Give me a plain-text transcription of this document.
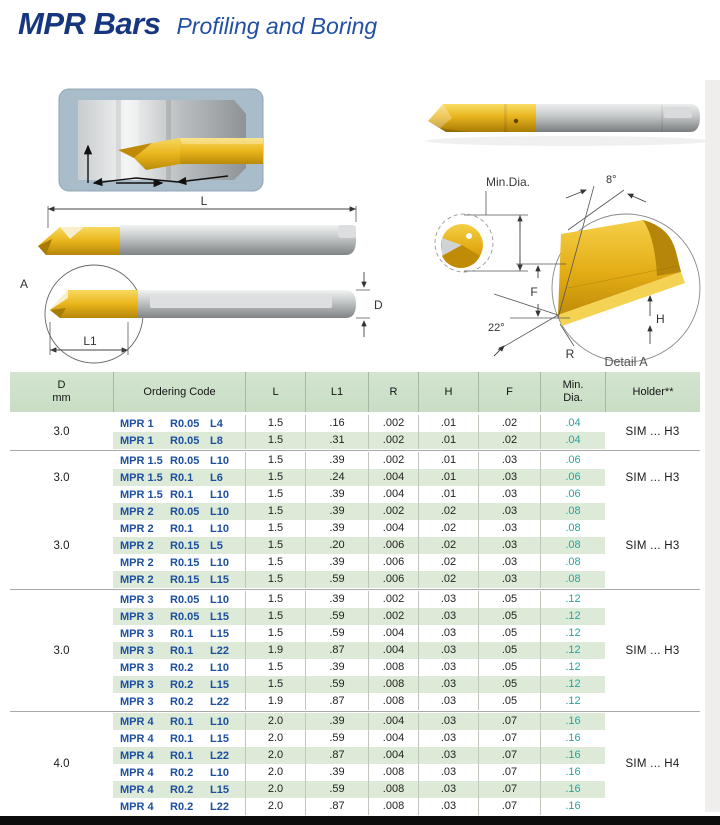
MPR Bars Profiling and Boring
L
A
L1
D
Min.Dia.	8°
F
H
22°
R
Detail A
D
mm
Ordering Code	L	L1	R	H	F
Min.
Dia.
Holder**
3.0
MPR 1	R0.05 L4	1.5	.16	.002	.01	.02	.04
MPR 1	R0.05 L8	1.5	.31	.002	.01	.02	.04
SIM ... H3
3.0
MPR 1.5 R0.05 L10	1.5	.39	.002	.01	.03	.06
MPR 1.5 R0.1	L6	1.5	.24	.004	.01	.03	.06
MPR 1.5 R0.1	L10	1.5	.39	.004	.01	.03	.06
SIM ... H3
3.0
MPR 2	R0.05 L10	1.5	.39	.002	.02	.03	.08
MPR 2	R0.1	L10	1.5	.39	.004	.02	.03	.08
MPR 2	R0.15 L5	1.5	.20	.006	.02	.03	.08
MPR 2	R0.15 L10	1.5	.39	.006	.02	.03	.08
MPR 2	R0.15 L15	1.5	.59	.006	.02	.03	.08
SIM ... H3
3.0
MPR 3	R0.05 L10	1.5	.39	.002	.03	.05	.12
MPR 3	R0.05 L15	1.5	.59	.002	.03	.05	.12
MPR 3	R0.1	L15	1.5	.59	.004	.03	.05	.12
MPR 3	R0.1	L22	1.9	.87	.004	.03	.05	.12
MPR 3	R0.2	L10	1.5	.39	.008	.03	.05	.12
MPR 3	R0.2	L15	1.5	.59	.008	.03	.05	.12
MPR 3	R0.2	L22	1.9	.87	.008	.03	.05	.12
SIM ... H3
4.0
MPR 4	R0.1	L10	2.0	.39	.004	.03	.07	.16
MPR 4	R0.1	L15	2.0	.59	.004	.03	.07	.16
MPR 4	R0.1	L22	2.0	.87	.004	.03	.07	.16
MPR 4	R0.2	L10	2.0	.39	.008	.03	.07	.16
MPR 4	R0.2	L15	2.0	.59	.008	.03	.07	.16
MPR 4	R0.2	L22	2.0	.87	.008	.03	.07	.16
SIM ... H4
